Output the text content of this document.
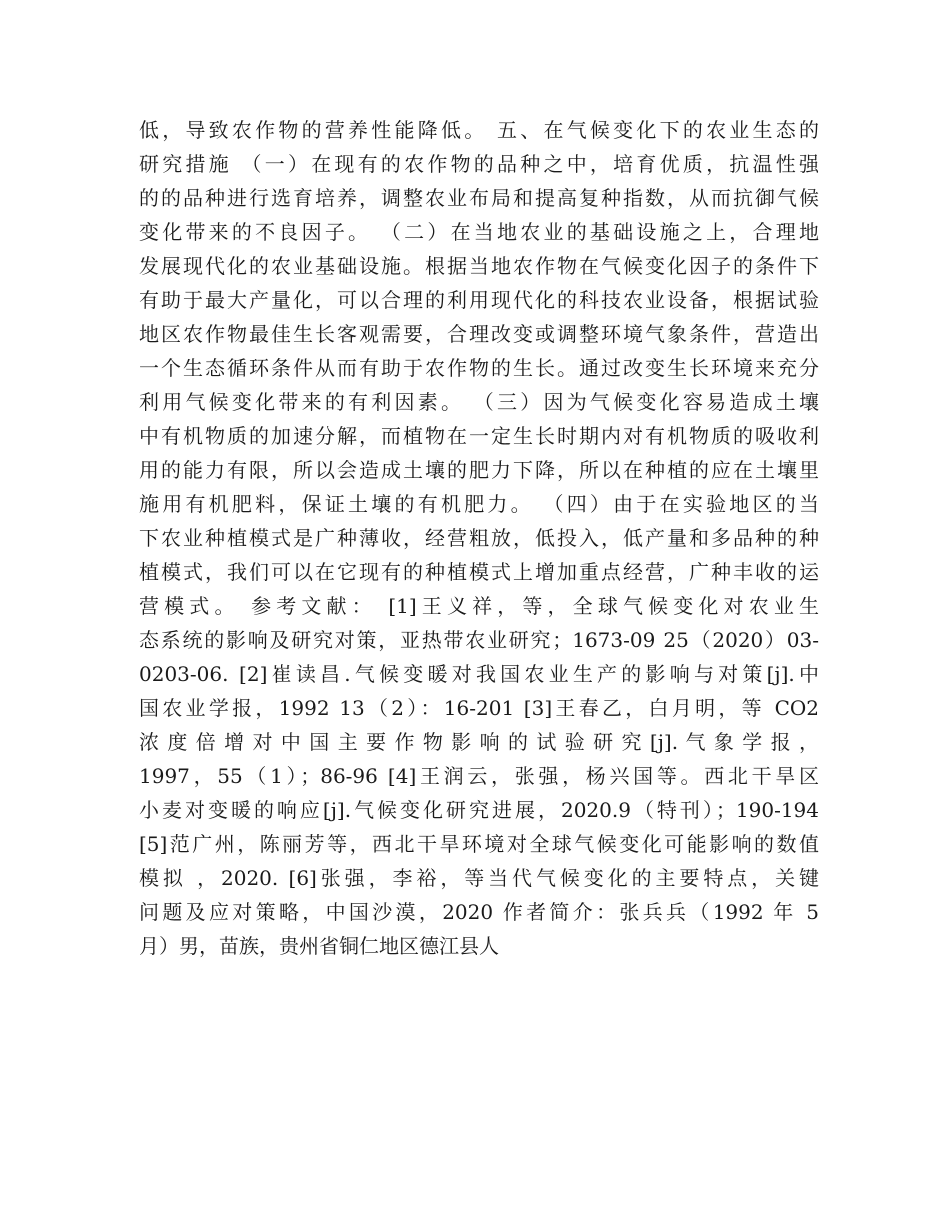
低，导致农作物的营养性能降低。 五、在气候变化下的农业生态的
研究措施 （一）在现有的农作物的品种之中，培育优质，抗温性强
的的品种进行选育培养，调整农业布局和提高复种指数，从而抗御气候
变化带来的不良因子。 （二）在当地农业的基础设施之上，合理地
发展现代化的农业基础设施。根据当地农作物在气候变化因子的条件下
有助于最大产量化，可以合理的利用现代化的科技农业设备，根据试验
地区农作物最佳生长客观需要，合理改变或调整环境气象条件，营造出
一个生态循环条件从而有助于农作物的生长。通过改变生长环境来充分
利用气候变化带来的有利因素。 （三）因为气候变化容易造成土壤
中有机物质的加速分解，而植物在一定生长时期内对有机物质的吸收利
用的能力有限，所以会造成土壤的肥力下降，所以在种植的应在土壤里
施用有机肥料，保证土壤的有机肥力。 （四）由于在实验地区的当
下农业种植模式是广种薄收，经营粗放，低投入，低产量和多品种的种
植模式，我们可以在它现有的种植模式上增加重点经营，广种丰收的运
营模式。 参考文献： [1]王义祥，等，全球气候变化对农业生
态系统的影响及研究对策，亚热带农业研究；1673-09 25（2020）03-
0203-06. [2]崔读昌.气候变暖对我国农业生产的影响与对策[j].中
国农业学报，1992 13（2）：16-201 [3]王春乙，白月明，等 CO2
浓 度 倍 增 对 中 国 主 要 作 物 影 响 的 试 验 研 究 [j]. 气 象 学 报 ，
1997，55（1）；86-96 [4]王润云，张强，杨兴国等。西北干旱区
小麦对变暖的响应[j].气候变化研究进展，2020.9（特刊）；190-194
[5]范广州，陈丽芳等，西北干旱环境对全球气候变化可能影响的数值
模拟 ，2020. [6]张强，李裕，等当代气候变化的主要特点，关键
问题及应对策略，中国沙漠，2020 作者简介：张兵兵（1992 年 5
月）男，苗族，贵州省铜仁地区德江县人
